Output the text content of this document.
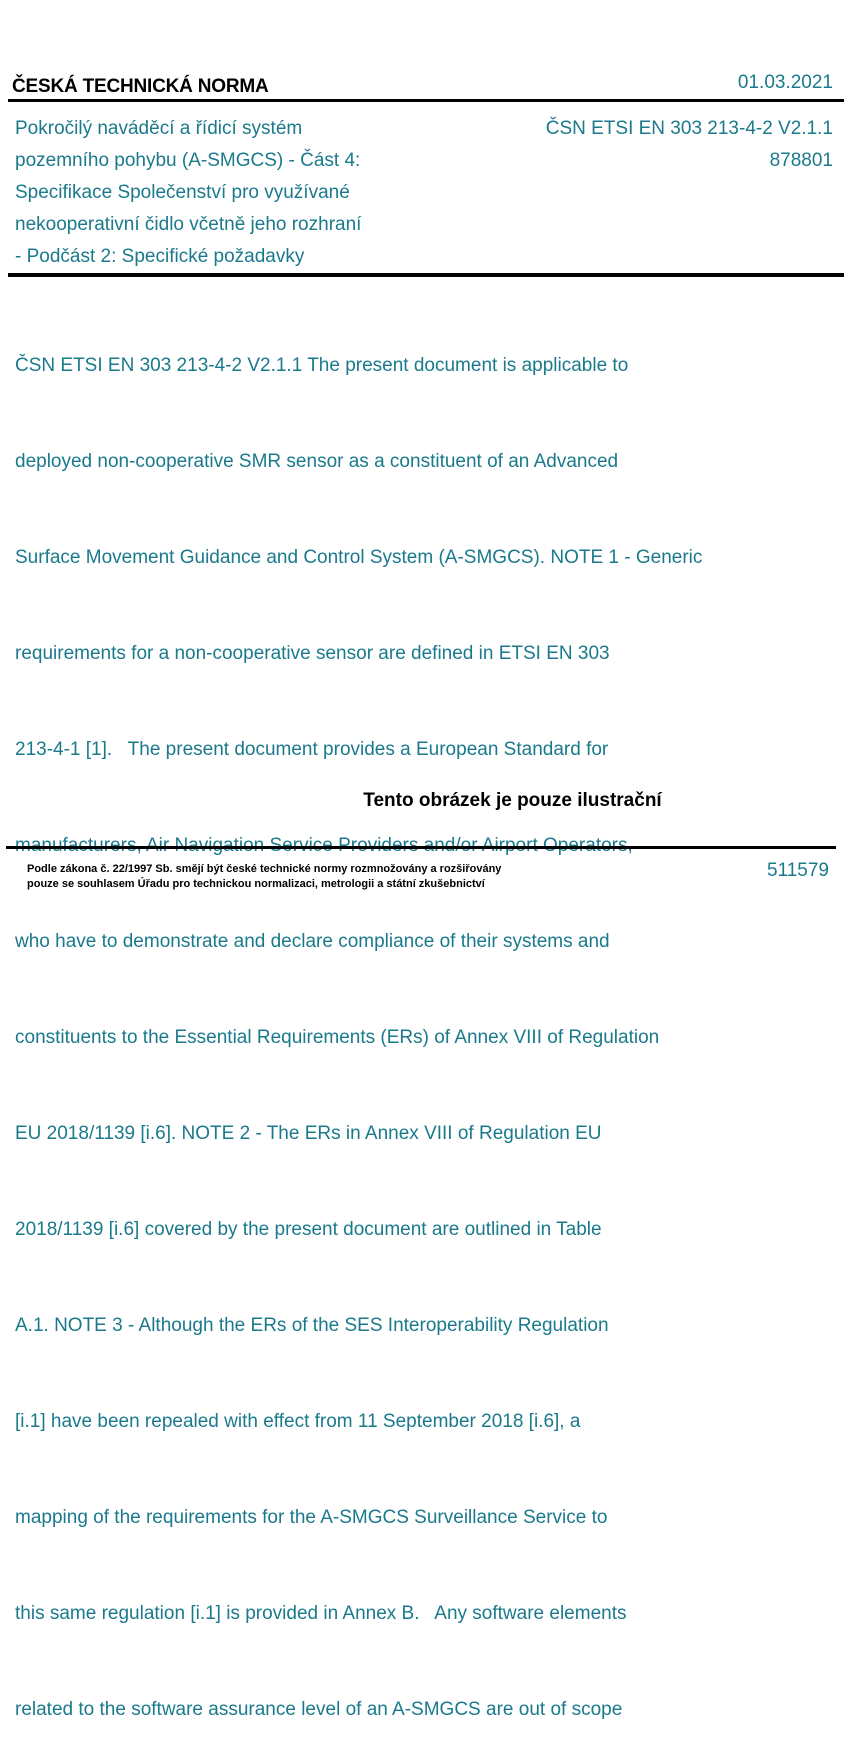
ČESKÁ TECHNICKÁ NORMA	01.03.2021
Pokročilý naváděcí a řídicí systém
pozemního pohybu (A-SMGCS) - Část 4:
Specifikace Společenství pro využívané
nekooperativní čidlo včetně jeho rozhraní
- Podčást 2: Specifické požadavky
ČSN ETSI EN 303 213-4-2 V2.1.1
878801

ČSN ETSI EN 303 213-4-2 V2.1.1 The present document is applicable to

deployed non-cooperative SMR sensor as a constituent of an Advanced

Surface Movement Guidance and Control System (A-SMGCS). NOTE 1 - Generic

requirements for a non-cooperative sensor are defined in ETSI EN 303

213-4-1 [1].   The present document provides a European Standard for

who have to demonstrate and declare compliance of their systems and

constituents to the Essential Requirements (ERs) of Annex VIII of Regulation

EU 2018/1139 [i.6]. NOTE 2 - The ERs in Annex VIII of Regulation EU

2018/1139 [i.6] covered by the present document are outlined in Table

A.1. NOTE 3 - Although the ERs of the SES Interoperability Regulation

[i.1] have been repealed with effect from 11 September 2018 [i.6], a

mapping of the requirements for the A-SMGCS Surveillance Service to

this same regulation [i.1] is provided in Annex B.   Any software elements

related to the software assurance level of an A-SMGCS are out of scope

Tento obrázek je pouze ilustrační
Podle zákona č. 22/1997 Sb. smějí být české technické normy rozmnožovány a rozšiřovány
pouze se souhlasem Úřadu pro technickou normalizaci, metrologii a státní zkušebnictví
511579
